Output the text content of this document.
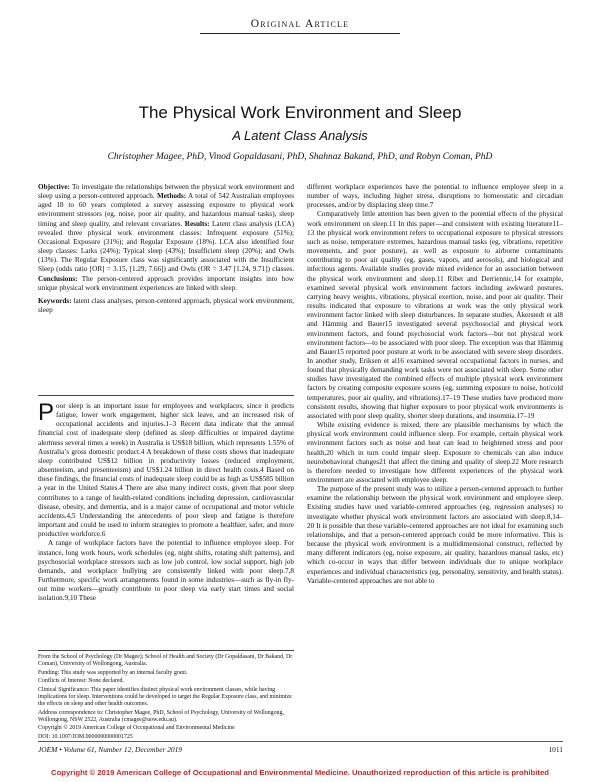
Original Article
The Physical Work Environment and Sleep
A Latent Class Analysis
Christopher Magee, PhD, Vinod Gopaldasani, PhD, Shahnaz Bakand, PhD, and Robyn Coman, PhD

Objective: To investigate the relationships between the physical work environment and sleep using a person-centered approach. Methods: A total of 542 Australian employees aged 18 to 60 years completed a survey assessing exposure to physical work environment stressors (eg, noise, poor air quality, and hazardous manual tasks), sleep timing and sleep quality, and relevant covariates. Results: Latent class analysis (LCA) revealed three physical work environment classes: Infrequent exposure (51%); Occasional Exposure (31%); and Regular Exposure (18%). LCA also identified four sleep classes: Larks (24%); Typical sleep (43%); Insufficient sleep (20%); and Owls (13%). The Regular Exposure class was significantly associated with the Insufficient Sleep (odds ratio [OR] = 3.15, [1.29, 7.66]) and Owls (OR = 3.47 [1.24, 9.71]) classes. Conclusions: The person-centered approach provides important insights into how unique physical work environment experiences are linked with sleep.

Keywords: latent class analyses, person-centered approach, physical work environment, sleep

Poor sleep is an important issue for employees and workplaces, since it predicts fatigue, lower work engagement, higher sick leave, and an increased risk of occupational accidents and injuries.1–3 Recent data indicate that the annual financial cost of inadequate sleep (defined as sleep difficulties or impaired daytime alertness several times a week) in Australia is US$18 billion, which represents 1.55% of Australia’s gross domestic product.4 A breakdown of these costs shows that inadequate sleep contributed US$12 billion in productivity losses (reduced employment, absenteeism, and presenteeism) and US$1.24 billion in direct health costs.4 Based on these findings, the financial costs of inadequate sleep could be as high as US$585 billion a year in the United States.4 There are also many indirect costs, given that poor sleep contributes to a range of health-related conditions including depression, cardiovascular disease, obesity, and dementia, and is a major cause of occupational and motor vehicle accidents.4,5 Understanding the antecedents of poor sleep and fatigue is therefore important and could be used to inform strategies to promote a healthier, safer, and more productive workforce.6

A range of workplace factors have the potential to influence employee sleep. For instance, long work hours, work schedules (eg, night shifts, rotating shift patterns), and psychosocial workplace stressors such as low job control, low social support, high job demands, and workplace bullying are consistently linked with poor sleep.7,8 Furthermore, specific work arrangements found in some industries—such as fly-in fly-out mine workers—greatly contribute to poor sleep via early start times and social isolation.9,10 These

From the School of Psychology (Dr Magee); School of Health and Society (Dr Gopaldasani, Dr Bakand, Dr Coman), University of Wollongong, Australia.

Funding: This study was supported by an internal faculty grant.

Conflicts of Interest: None declared.

Clinical Significance: This paper identifies distinct physical work environment classes, while having implications for sleep. Interventions could be developed to target the Regular Exposure class, and minimize the effects on sleep and other health outcomes.

Address correspondence to: Christopher Magee, PhD, School of Psychology, University of Wollongong, Wollongong, NSW 2522, Australia (cmagee@uow.edu.au).

Copyright © 2019 American College of Occupational and Environmental Medicine

DOI: 10.1097/JOM.0000000000001725

different workplace experiences have the potential to influence employee sleep in a number of ways, including higher stress, disruptions to homeostatic and circadian processes, and/or by displacing sleep time.7

Comparatively little attention has been given to the potential effects of the physical work environment on sleep.11 In this paper—and consistent with existing literature11–13 the physical work environment refers to occupational exposure to physical stressors such as noise, temperature extremes, hazardous manual tasks (eg, vibrations, repetitive movements, and poor posture), as well as exposure to airborne contaminants contributing to poor air quality (eg, gases, vapors, and aerosols), and biological and infectious agents. Available studies provide mixed evidence for an association between the physical work environment and sleep.11 Ribet and Derriennic,14 for example, examined several physical work environment factors including awkward postures, carrying heavy weights, vibrations, physical exertion, noise, and poor air quality. Their results indicated that exposure to vibrations at work was the only physical work environment factor linked with sleep disturbances. In separate studies, Åkerstedt et al8 and Hämmig and Bauer15 investigated several psychosocial and physical work environment factors, and found psychosocial work factors—but not physical work environment factors—to be associated with poor sleep. The exception was that Hämmig and Bauer15 reported poor posture at work to be associated with severe sleep disorders. In another study, Eriksen et al16 examined several occupational factors in nurses, and found that physically demanding work tasks were not associated with sleep. Some other studies have investigated the combined effects of multiple physical work environment factors by creating composite exposure scores (eg, summing exposure to noise, hot/cold temperatures, poor air quality, and vibrations).17–19 These studies have produced more consistent results, showing that higher exposure to poor physical work environments is associated with poor sleep quality, shorter sleep durations, and insomnia.17–19

While existing evidence is mixed, there are plausible mechanisms by which the physical work environment could influence sleep. For example, certain physical work environment factors such as noise and heat can lead to heightened stress and poor health,20 which in turn could impair sleep. Exposure to chemicals can also induce neurobehavioral changes21 that affect the timing and quality of sleep.22 More research is therefore needed to investigate how different experiences of the physical work environment are associated with employee sleep.

The purpose of the present study was to utilize a person-centered approach to further examine the relationship between the physical work environment and employee sleep. Existing studies have used variable-centered approaches (eg, regression analyses) to investigate whether physical work environment factors are associated with sleep.8,14–20 It is possible that these variable-centered approaches are not ideal for examining such relationships, and that a person-centered approach could be more informative. This is because the physical work environment is a multidimensional construct, reflected by many different indicators (eg, noise exposure, air quality, hazardous manual tasks, etc) which co-occur in ways that differ between individuals due to unique workplace experiences and individual characteristics (eg, personality, sensitivity, and health status). Variable-centered approaches are not able to

JOEM • Volume 61, Number 12, December 2019	1011
Copyright © 2019 American College of Occupational and Environmental Medicine. Unauthorized reproduction of this article is prohibited
